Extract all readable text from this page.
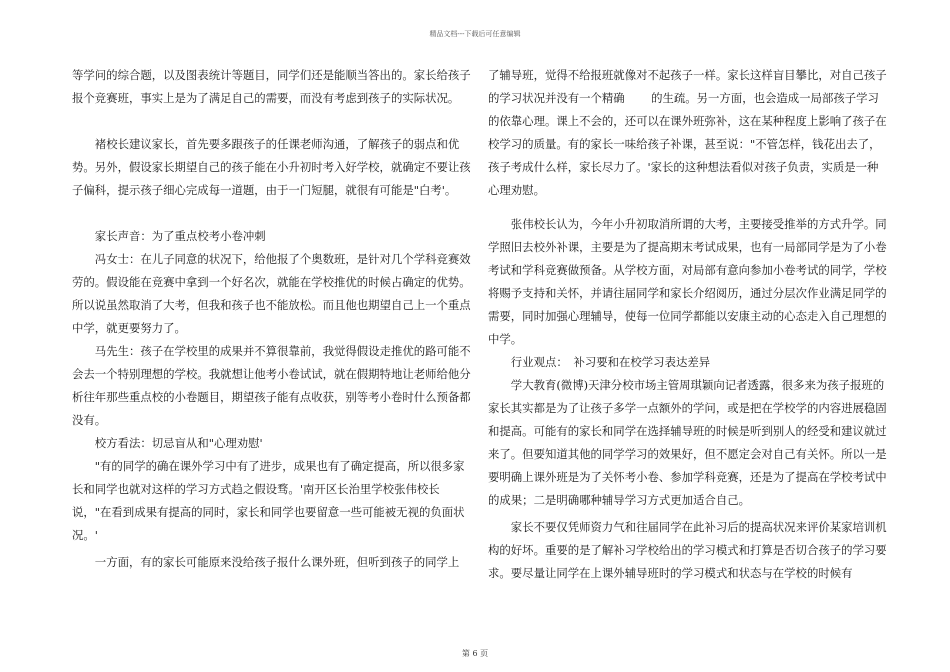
精品文档---下载后可任意编辑
等学问的综合题，以及图表统计等题目，同学们还是能顺当答出的。家长给孩子报个竞赛班，事实上是为了满足自己的需要，而没有考虑到孩子的实际状况。
褚校长建议家长，首先要多跟孩子的任课老师沟通，了解孩子的弱点和优势。另外，假设家长期望自己的孩子能在小升初时考入好学校，就确定不要让孩子偏科，提示孩子细心完成每一道题，由于一门短腿，就很有可能是"白考'。
家长声音：为了重点校考小卷冲刺
冯女士：在儿子同意的状况下，给他报了个奥数班，是针对几个学科竞赛效劳的。假设能在竞赛中拿到一个好名次，就能在学校推优的时候占确定的优势。所以说虽然取消了大考，但我和孩子也不能放松。而且他也期望自己上一个重点中学，就更要努力了。
马先生：孩子在学校里的成果并不算很靠前，我觉得假设走推优的路可能不会去一个特别理想的学校。我就想让他考小卷试试，就在假期特地让老师给他分析往年那些重点校的小卷题目，期望孩子能有点收获，别等考小卷时什么预备都没有。
校方看法：切忌盲从和"心理劝慰'
"有的同学的确在课外学习中有了进步，成果也有了确定提高，所以很多家长和同学也就对这样的学习方式趋之假设骛。'南开区长治里学校张伟校长说，"在看到成果有提高的同时，家长和同学也要留意一些可能被无视的负面状况。'
一方面，有的家长可能原来没给孩子报什么课外班，但听到孩子的同学上
了辅导班，觉得不给报班就像对不起孩子一样。家长这样盲目攀比，对自己孩子的学习状况并没有一个精确　　 的生疏。另一方面，也会造成一局部孩子学习的依靠心理。课上不会的，还可以在课外班弥补，这在某种程度上影响了孩子在校学习的质量。有的家长一味给孩子补课，甚至说："不管怎样，钱花出去了，孩子考成什么样，家长尽力了。'家长的这种想法看似对孩子负责，实质是一种心理劝慰。
张伟校长认为，今年小升初取消所谓的大考，主要接受推举的方式升学。同学照旧去校外补课，主要是为了提高期末考试成果，也有一局部同学是为了小卷考试和学科竞赛做预备。从学校方面，对局部有意向参加小卷考试的同学，学校将赐予支持和关怀，并请往届同学和家长介绍阅历，通过分层次作业满足同学的需要，同时加强心理辅导，使每一位同学都能以安康主动的心态走入自己理想的中学。
行业观点：　补习要和在校学习表达差异
学大教育(微博)天津分校市场主管周琪颖向记者透露，很多来为孩子报班的家长其实都是为了让孩子多学一点额外的学问，或是把在学校学的内容进展稳固和提高。可能有的家长和同学在选择辅导班的时候是听到别人的经受和建议就过来了。但要知道其他的同学学习的效果好，但不愿定会对自己有关怀。所以一是要明确上课外班是为了关怀考小卷、参加学科竞赛，还是为了提高在学校考试中的成果；二是明确哪种辅导学习方式更加适合自己。
家长不要仅凭师资力气和往届同学在此补习后的提高状况来评价某家培训机构的好坏。重要的是了解补习学校给出的学习模式和打算是否切合孩子的学习要求。要尽量让同学在上课外辅导班时的学习模式和状态与在学校的时候有
第 6 页
